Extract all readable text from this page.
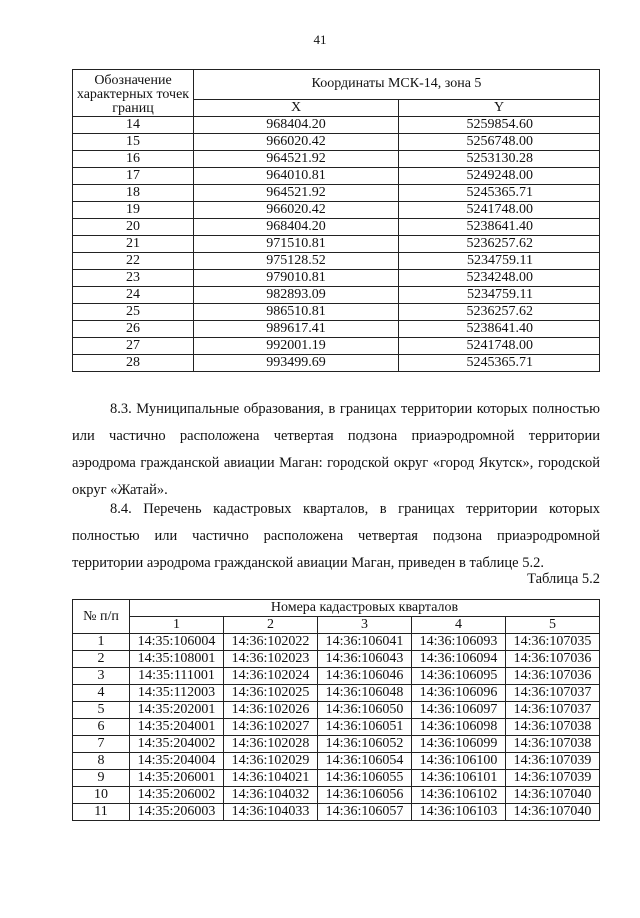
41
Обозначение характерных точек границ	Координаты МСК-14, зона 5	
	X	Y
14	968404.20	5259854.60
15	966020.42	5256748.00
16	964521.92	5253130.28
17	964010.81	5249248.00
18	964521.92	5245365.71
19	966020.42	5241748.00
20	968404.20	5238641.40
21	971510.81	5236257.62
22	975128.52	5234759.11
23	979010.81	5234248.00
24	982893.09	5234759.11
25	986510.81	5236257.62
26	989617.41	5238641.40
27	992001.19	5241748.00
28	993499.69	5245365.71
8.3. Муниципальные образования, в границах территории которых полностью или частично расположена четвертая подзона приаэродромной территории аэродрома гражданской авиации Маган: городской округ «город Якутск», городской округ «Жатай».
8.4. Перечень кадастровых кварталов, в границах территории которых полностью или частично расположена четвертая подзона приаэродромной территории аэродрома гражданской авиации Маган, приведен в таблице 5.2.
Таблица 5.2
№ п/п	Номера кадастровых кварталов				
	1	2	3	4	5
1	14:35:106004	14:36:102022	14:36:106041	14:36:106093	14:36:107035
2	14:35:108001	14:36:102023	14:36:106043	14:36:106094	14:36:107036
3	14:35:111001	14:36:102024	14:36:106046	14:36:106095	14:36:107036
4	14:35:112003	14:36:102025	14:36:106048	14:36:106096	14:36:107037
5	14:35:202001	14:36:102026	14:36:106050	14:36:106097	14:36:107037
6	14:35:204001	14:36:102027	14:36:106051	14:36:106098	14:36:107038
7	14:35:204002	14:36:102028	14:36:106052	14:36:106099	14:36:107038
8	14:35:204004	14:36:102029	14:36:106054	14:36:106100	14:36:107039
9	14:35:206001	14:36:104021	14:36:106055	14:36:106101	14:36:107039
10	14:35:206002	14:36:104032	14:36:106056	14:36:106102	14:36:107040
11	14:35:206003	14:36:104033	14:36:106057	14:36:106103	14:36:107040
